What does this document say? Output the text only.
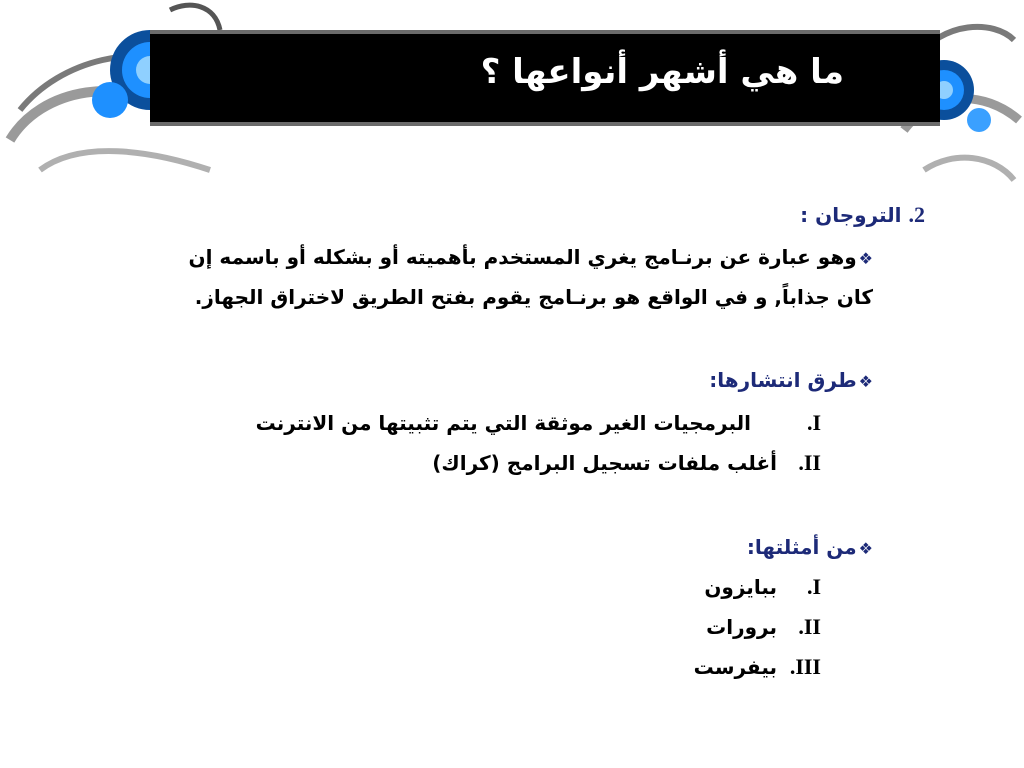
ما هي أشهر أنواعها ؟
2. التروجان :
❖وهو عبارة عن برنـامج يغري المستخدم بأهميته أو بشكله أو باسمه إن
كان جذاباً, و في الواقع هو برنـامج يقوم بفتح الطريق لاختراق الجهاز.
❖طرق انتشارها:
I.البرمجيات الغير موثقة التي يتم تثبيتها من الانترنت
II.أغلب ملفات تسجيل البرامج (كراك)
❖من أمثلتها:
I.ببايزون
II.برورات
III.بيفرست
